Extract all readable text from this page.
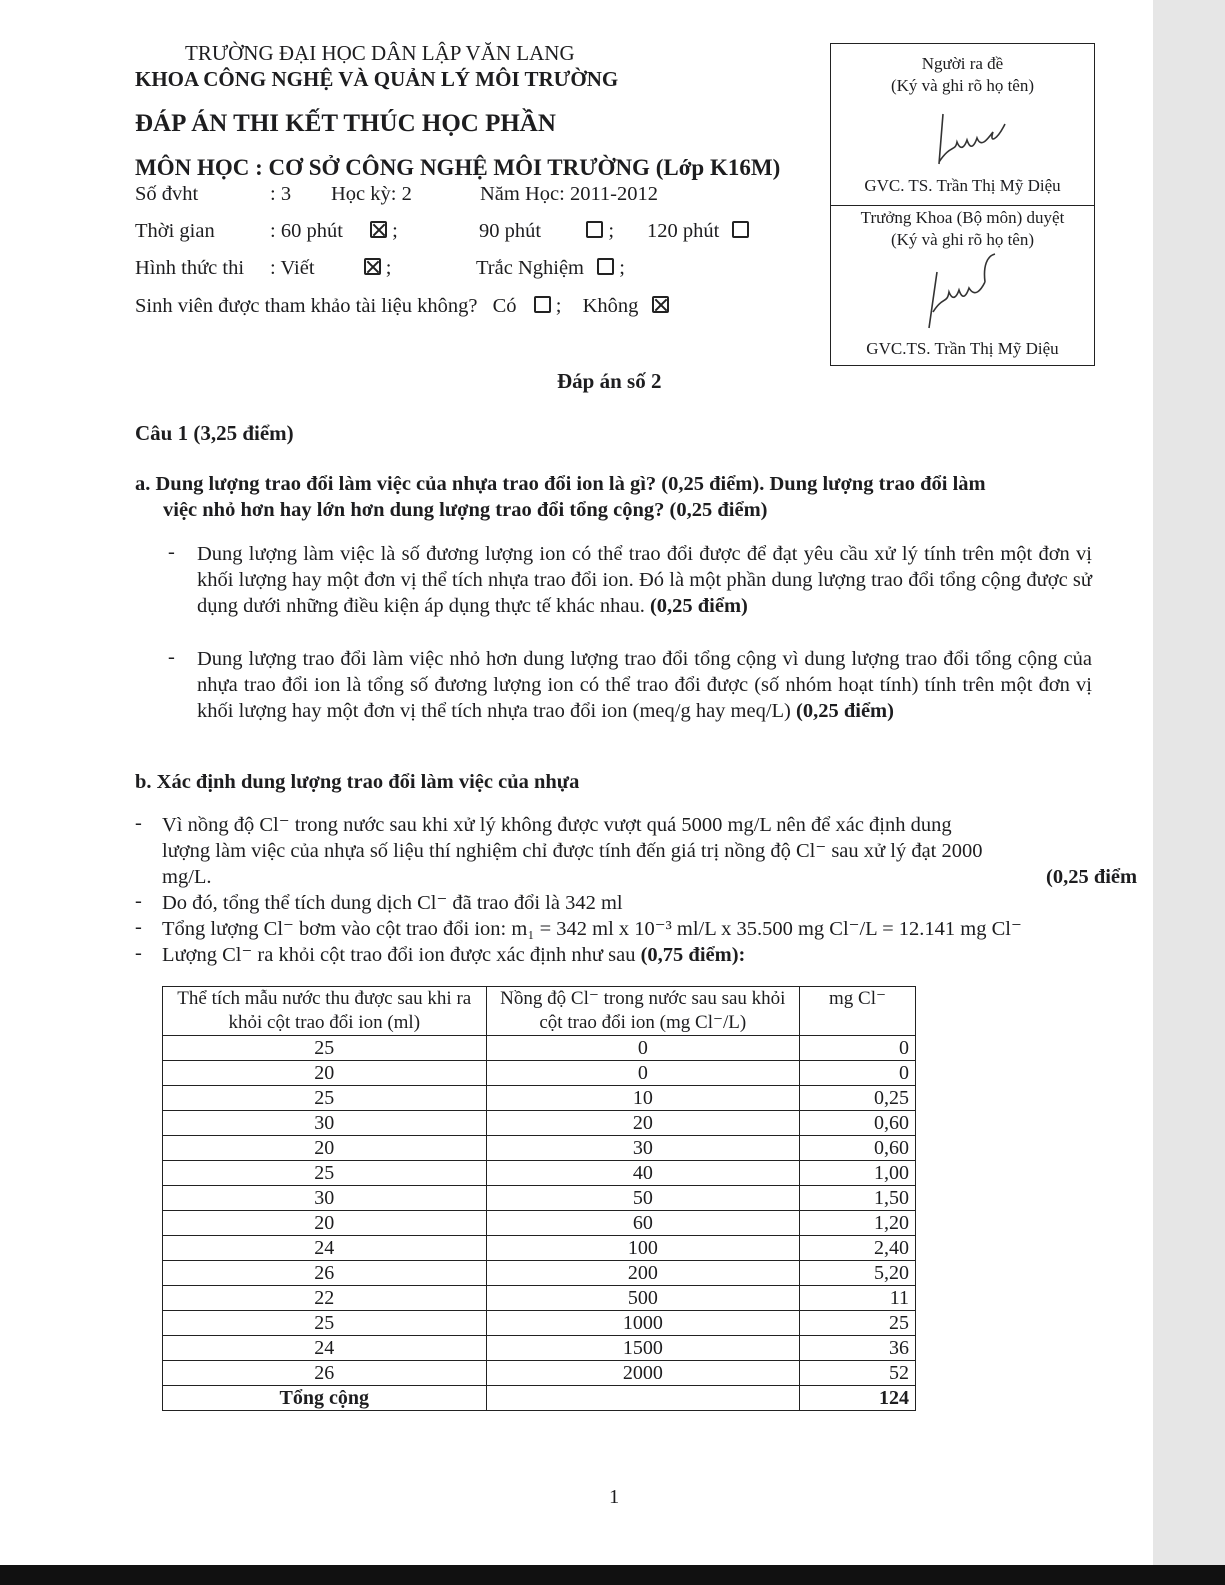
TRƯỜNG ĐẠI HỌC DÂN LẬP VĂN LANG
KHOA CÔNG NGHỆ VÀ QUẢN LÝ MÔI TRƯỜNG
ĐÁP ÁN THI KẾT THÚC HỌC PHẦN
MÔN HỌC : CƠ SỞ CÔNG NGHỆ MÔI TRƯỜNG (Lớp K16M)
Số đvht	: 3 Học kỳ: 2	Năm Học: 2011-2012
Thời gian	: 60 phút ;	90 phút	; 120 phút
Hình thức thi : Viết	;	Trắc Nghiệm ;
Sinh viên được tham khảo tài liệu không? Có ; Không
Người ra đề
(Ký và ghi rõ họ tên)
GVC. TS. Trần Thị Mỹ Diệu
Trưởng Khoa (Bộ môn) duyệt
(Ký và ghi rõ họ tên)
GVC.TS. Trần Thị Mỹ Diệu
Đáp án số 2
Câu 1 (3,25 điểm)
a. Dung lượng trao đổi làm việc của nhựa trao đổi ion là gì? (0,25 điểm). Dung lượng trao đổi làm
việc nhỏ hơn hay lớn hơn dung lượng trao đổi tổng cộng? (0,25 điểm)
- Dung lượng làm việc là số đương lượng ion có thể trao đổi được để đạt yêu cầu xử lý tính trên một đơn vị khối lượng hay một đơn vị thể tích nhựa trao đổi ion. Đó là một phần dung lượng trao đổi tổng cộng được sử dụng dưới những điều kiện áp dụng thực tế khác nhau. (0,25 điểm)
- Dung lượng trao đổi làm việc nhỏ hơn dung lượng trao đổi tổng cộng vì dung lượng trao đổi tổng cộng của nhựa trao đổi ion là tổng số đương lượng ion có thể trao đổi được (số nhóm hoạt tính) tính trên một đơn vị khối lượng hay một đơn vị thể tích nhựa trao đổi ion (meq/g hay meq/L) (0,25 điểm)
b. Xác định dung lượng trao đổi làm việc của nhựa
- Vì nồng độ Cl⁻ trong nước sau khi xử lý không được vượt quá 5000 mg/L nên để xác định dung
lượng làm việc của nhựa số liệu thí nghiệm chỉ được tính đến giá trị nồng độ Cl⁻ sau xử lý đạt 2000
mg/L.	(0,25 điểm
- Do đó, tổng thể tích dung dịch Cl⁻ đã trao đổi là 342 ml
- Tổng lượng Cl⁻ bơm vào cột trao đổi ion: m₁ = 342 ml x 10⁻³ ml/L x 35.500 mg Cl⁻/L = 12.141 mg Cl⁻
- Lượng Cl⁻ ra khỏi cột trao đổi ion được xác định như sau (0,75 điểm):
Thể tích mẫu nước thu được sau khi ra khỏi cột trao đổi ion (ml)	Nồng độ Cl⁻ trong nước sau sau khỏi cột trao đổi ion (mg Cl⁻/L)	mg Cl⁻
25	0	0
20	0	0
25	10	0,25
30	20	0,60
20	30	0,60
25	40	1,00
30	50	1,50
20	60	1,20
24	100	2,40
26	200	5,20
22	500	11
25	1000	25
24	1500	36
26	2000	52
Tổng cộng		124
1
